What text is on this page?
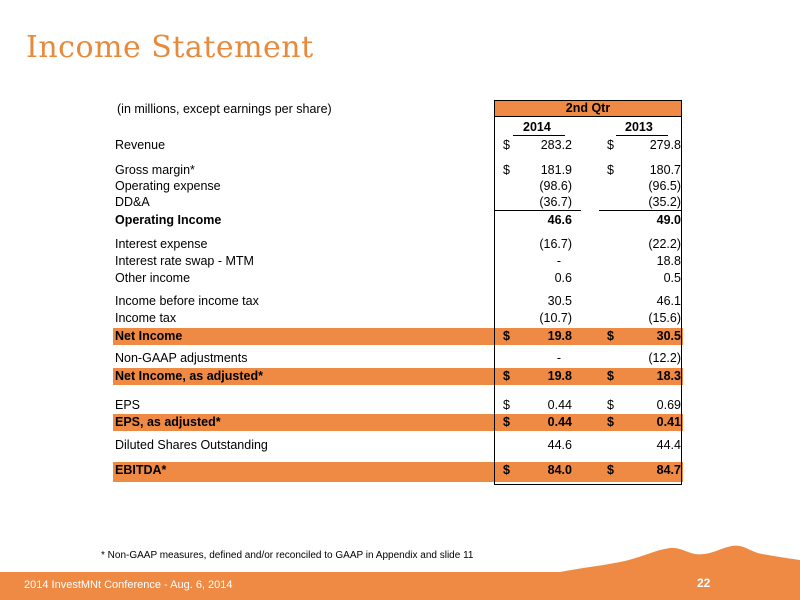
Income Statement
(in millions, except earnings per share)	2nd Qtr
2014	2013
Revenue	$ 283.2	$	279.8
Gross margin*	$ 181.9	$	180.7
Operating expense	(98.6)	(96.5)
DD&A	(36.7)	(35.2)
Operating Income	46.6	49.0
Interest expense	(16.7)	(22.2)
Interest rate swap - MTM	-	18.8
Other income	0.6	0.5
Income before income tax	30.5	46.1
Income tax	(10.7)	(15.6)
Net Income	$	19.8	$	30.5
Non-GAAP adjustments	-	(12.2)
Net Income, as adjusted*	$	19.8	$	18.3
EPS	$	0.44	$	0.69
EPS, as adjusted*	$	0.44	$	0.41
Diluted Shares Outstanding	44.6	44.4
EBITDA*	$	84.0	$	84.7
* Non-GAAP measures, defined and/or reconciled to GAAP in Appendix and slide 11
2014 InvestMNt Conference - Aug. 6, 2014	22
